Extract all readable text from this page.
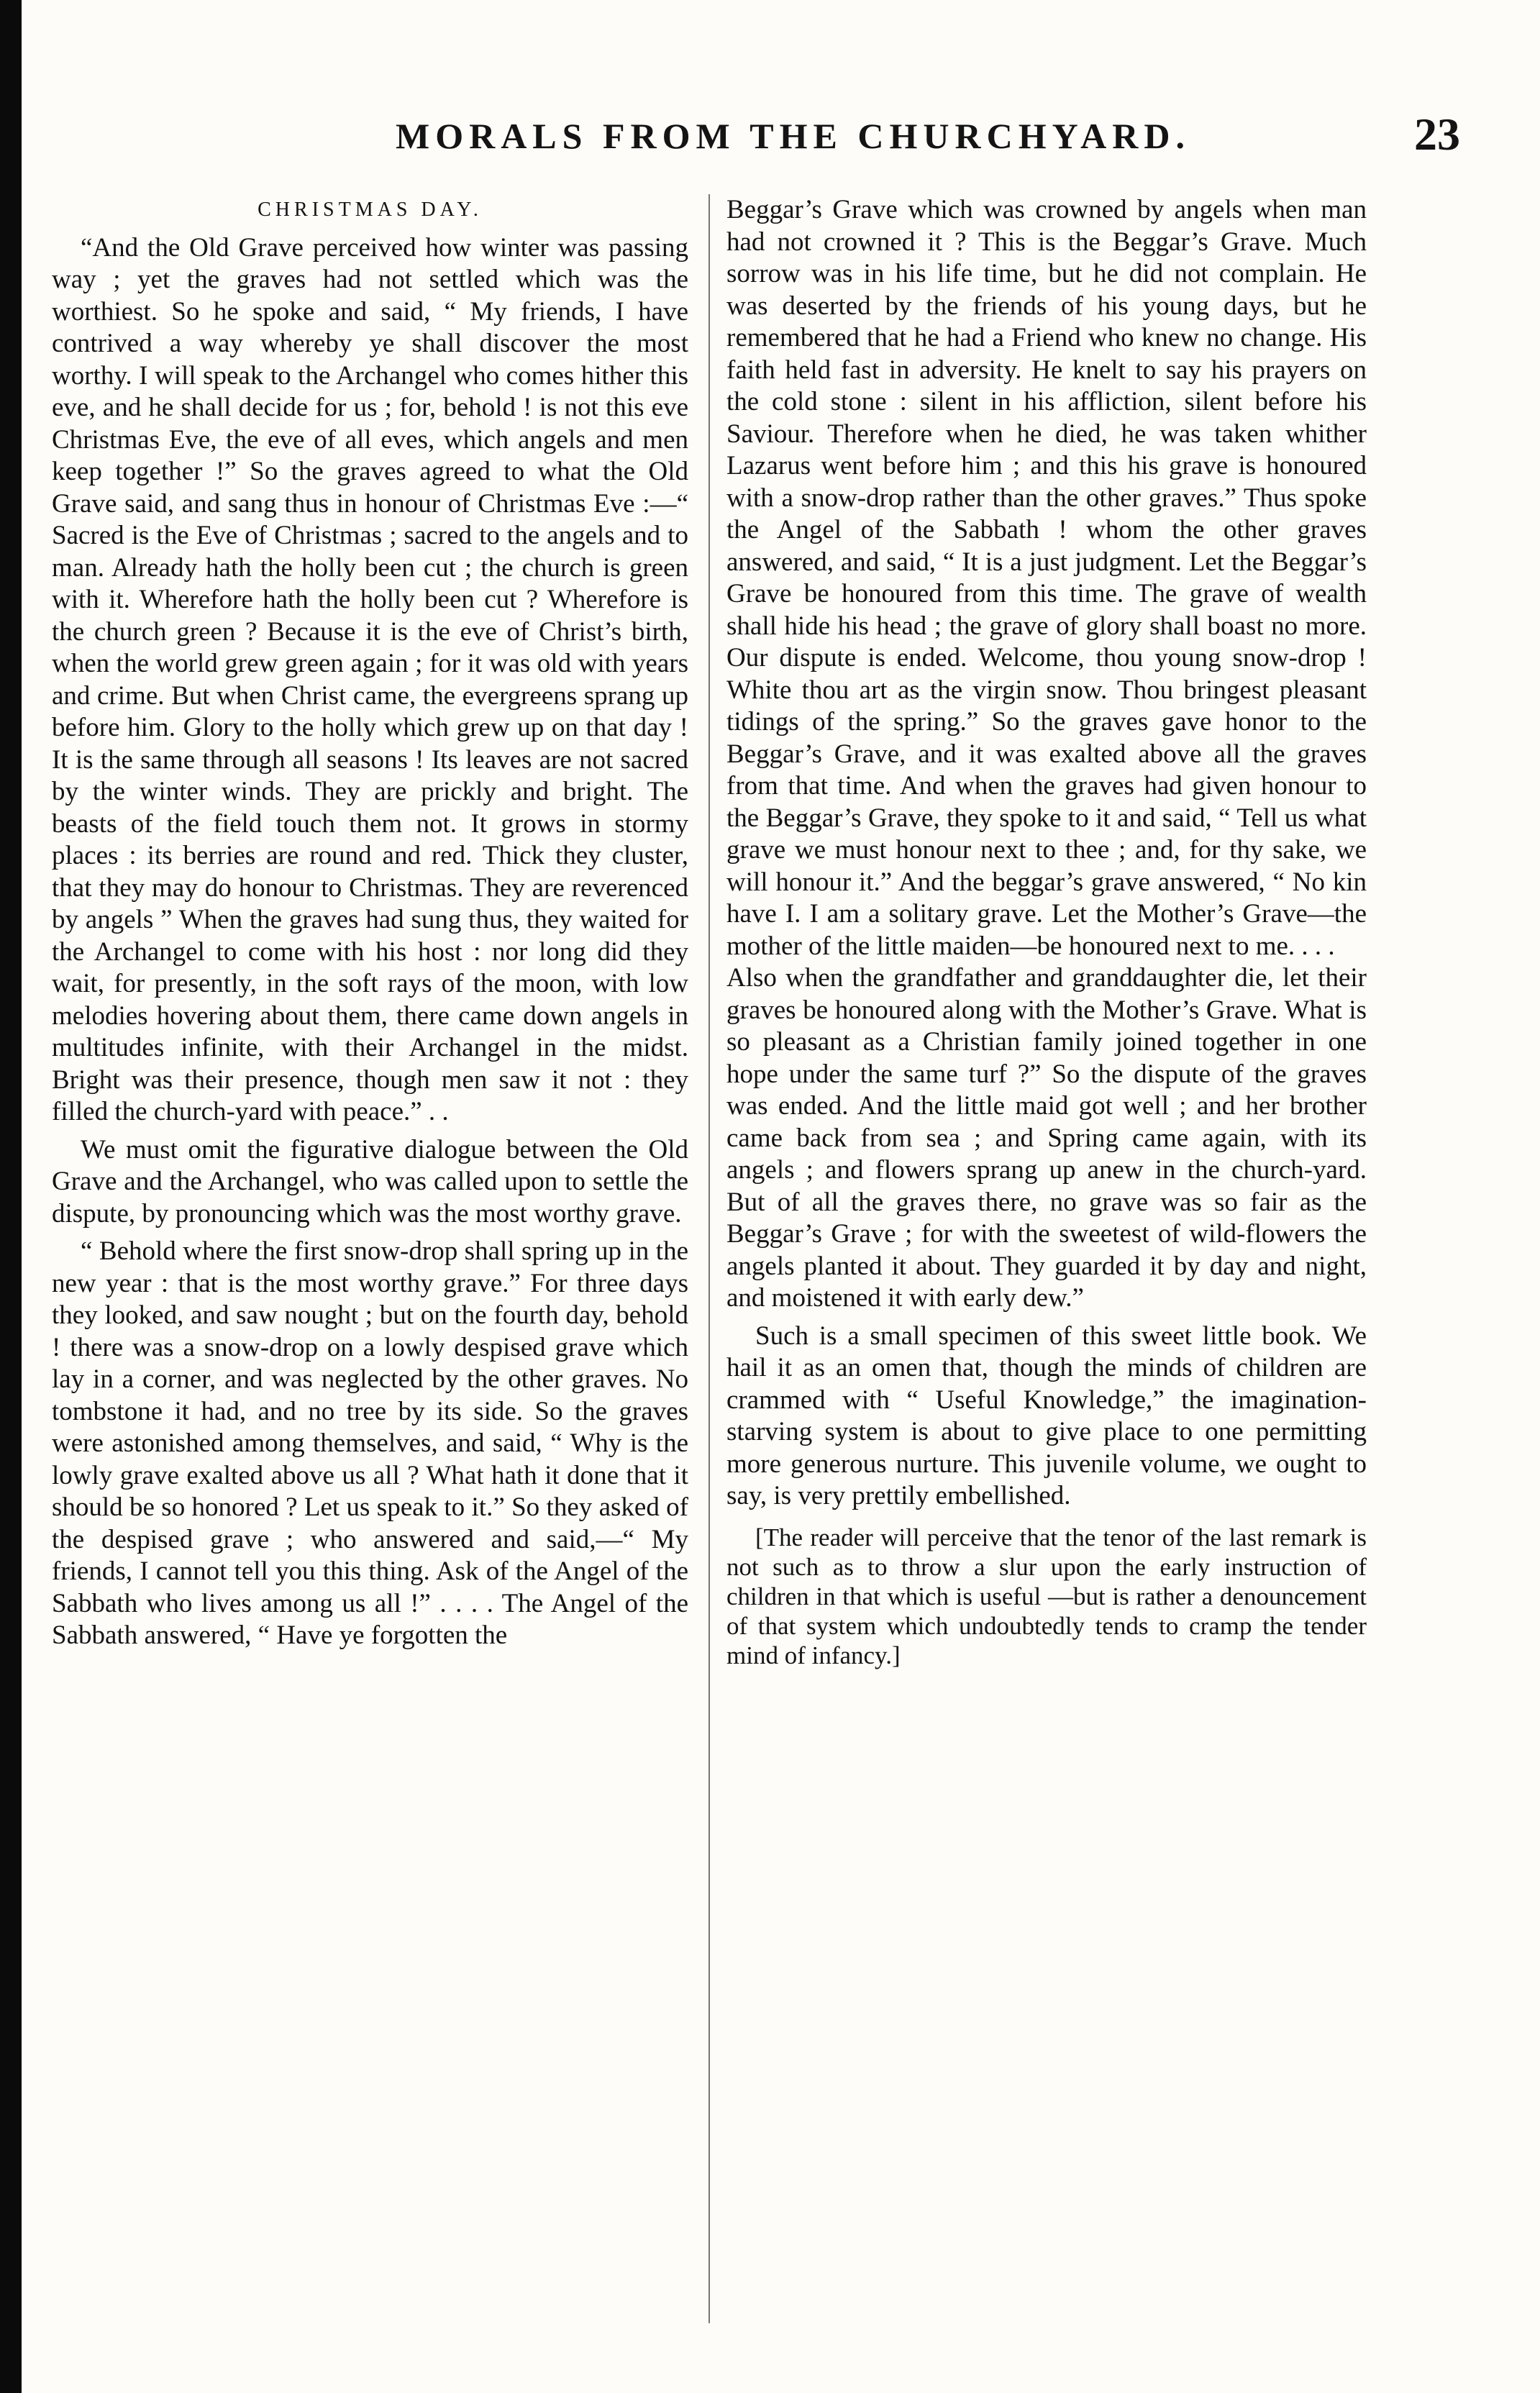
MORALS FROM THE CHURCHYARD.	23
CHRISTMAS DAY.

“And the Old Grave perceived how winter was passing way ; yet the graves had not settled which was the worthiest. So he spoke and said, “ My friends, I have contrived a way whereby ye shall discover the most worthy. I will speak to the Archangel who comes hither this eve, and he shall decide for us ; for, behold ! is not this eve Christmas Eve, the eve of all eves, which angels and men keep together !” So the graves agreed to what the Old Grave said, and sang thus in honour of Christmas Eve :—“ Sacred is the Eve of Christmas ; sacred to the angels and to man. Already hath the holly been cut ; the church is green with it. Wherefore hath the holly been cut ? Wherefore is the church green ? Because it is the eve of Christ’s birth, when the world grew green again ; for it was old with years and crime. But when Christ came, the evergreens sprang up before him. Glory to the holly which grew up on that day ! It is the same through all seasons ! Its leaves are not sacred by the winter winds. They are prickly and bright. The beasts of the field touch them not. It grows in stormy places : its berries are round and red. Thick they cluster, that they may do honour to Christmas. They are reverenced by angels ” When the graves had sung thus, they waited for the Archangel to come with his host : nor long did they wait, for presently, in the soft rays of the moon, with low melodies hovering about them, there came down angels in multitudes infinite, with their Archangel in the midst. Bright was their presence, though men saw it not : they filled the church-yard with peace.” . .

We must omit the figurative dialogue between the Old Grave and the Archangel, who was called upon to settle the dispute, by pronouncing which was the most worthy grave.

“ Behold where the first snow-drop shall spring up in the new year : that is the most worthy grave.” For three days they looked, and saw nought ; but on the fourth day, behold ! there was a snow-drop on a lowly despised grave which lay in a corner, and was neglected by the other graves. No tombstone it had, and no tree by its side. So the graves were astonished among themselves, and said, “ Why is the lowly grave exalted above us all ? What hath it done that it should be so honored ? Let us speak to it.” So they asked of the despised grave ; who answered and said,—“ My friends, I cannot tell you this thing. Ask of the Angel of the Sabbath who lives among us all !” . . . . The Angel of the Sabbath answered, “ Have ye forgotten the

Beggar’s Grave which was crowned by angels when man had not crowned it ? This is the Beggar’s Grave. Much sorrow was in his life time, but he did not complain. He was deserted by the friends of his young days, but he remembered that he had a Friend who knew no change. His faith held fast in adversity. He knelt to say his prayers on the cold stone : silent in his affliction, silent before his Saviour. Therefore when he died, he was taken whither Lazarus went before him ; and this his grave is honoured with a snow-drop rather than the other graves.” Thus spoke the Angel of the Sabbath ! whom the other graves answered, and said, “ It is a just judgment. Let the Beggar’s Grave be honoured from this time. The grave of wealth shall hide his head ; the grave of glory shall boast no more. Our dispute is ended. Welcome, thou young snow-drop ! White thou art as the virgin snow. Thou bringest pleasant tidings of the spring.” So the graves gave honor to the Beggar’s Grave, and it was exalted above all the graves from that time. And when the graves had given honour to the Beggar’s Grave, they spoke to it and said, “ Tell us what grave we must honour next to thee ; and, for thy sake, we will honour it.” And the beggar’s grave answered, “ No kin have I. I am a solitary grave. Let the Mother’s Grave—the mother of the little maiden—be honoured next to me. . . .

Also when the grandfather and granddaughter die, let their graves be honoured along with the Mother’s Grave. What is so pleasant as a Christian family joined together in one hope under the same turf ?” So the dispute of the graves was ended. And the little maid got well ; and her brother came back from sea ; and Spring came again, with its angels ; and flowers sprang up anew in the church-yard. But of all the graves there, no grave was so fair as the Beggar’s Grave ; for with the sweetest of wild-flowers the angels planted it about. They guarded it by day and night, and moistened it with early dew.”

Such is a small specimen of this sweet little book. We hail it as an omen that, though the minds of children are crammed with “ Useful Knowledge,” the imagination-starving system is about to give place to one permitting more generous nurture. This juvenile volume, we ought to say, is very prettily embellished.

[The reader will perceive that the tenor of the last remark is not such as to throw a slur upon the early instruction of children in that which is useful —but is rather a denouncement of that system which undoubtedly tends to cramp the tender mind of infancy.]
